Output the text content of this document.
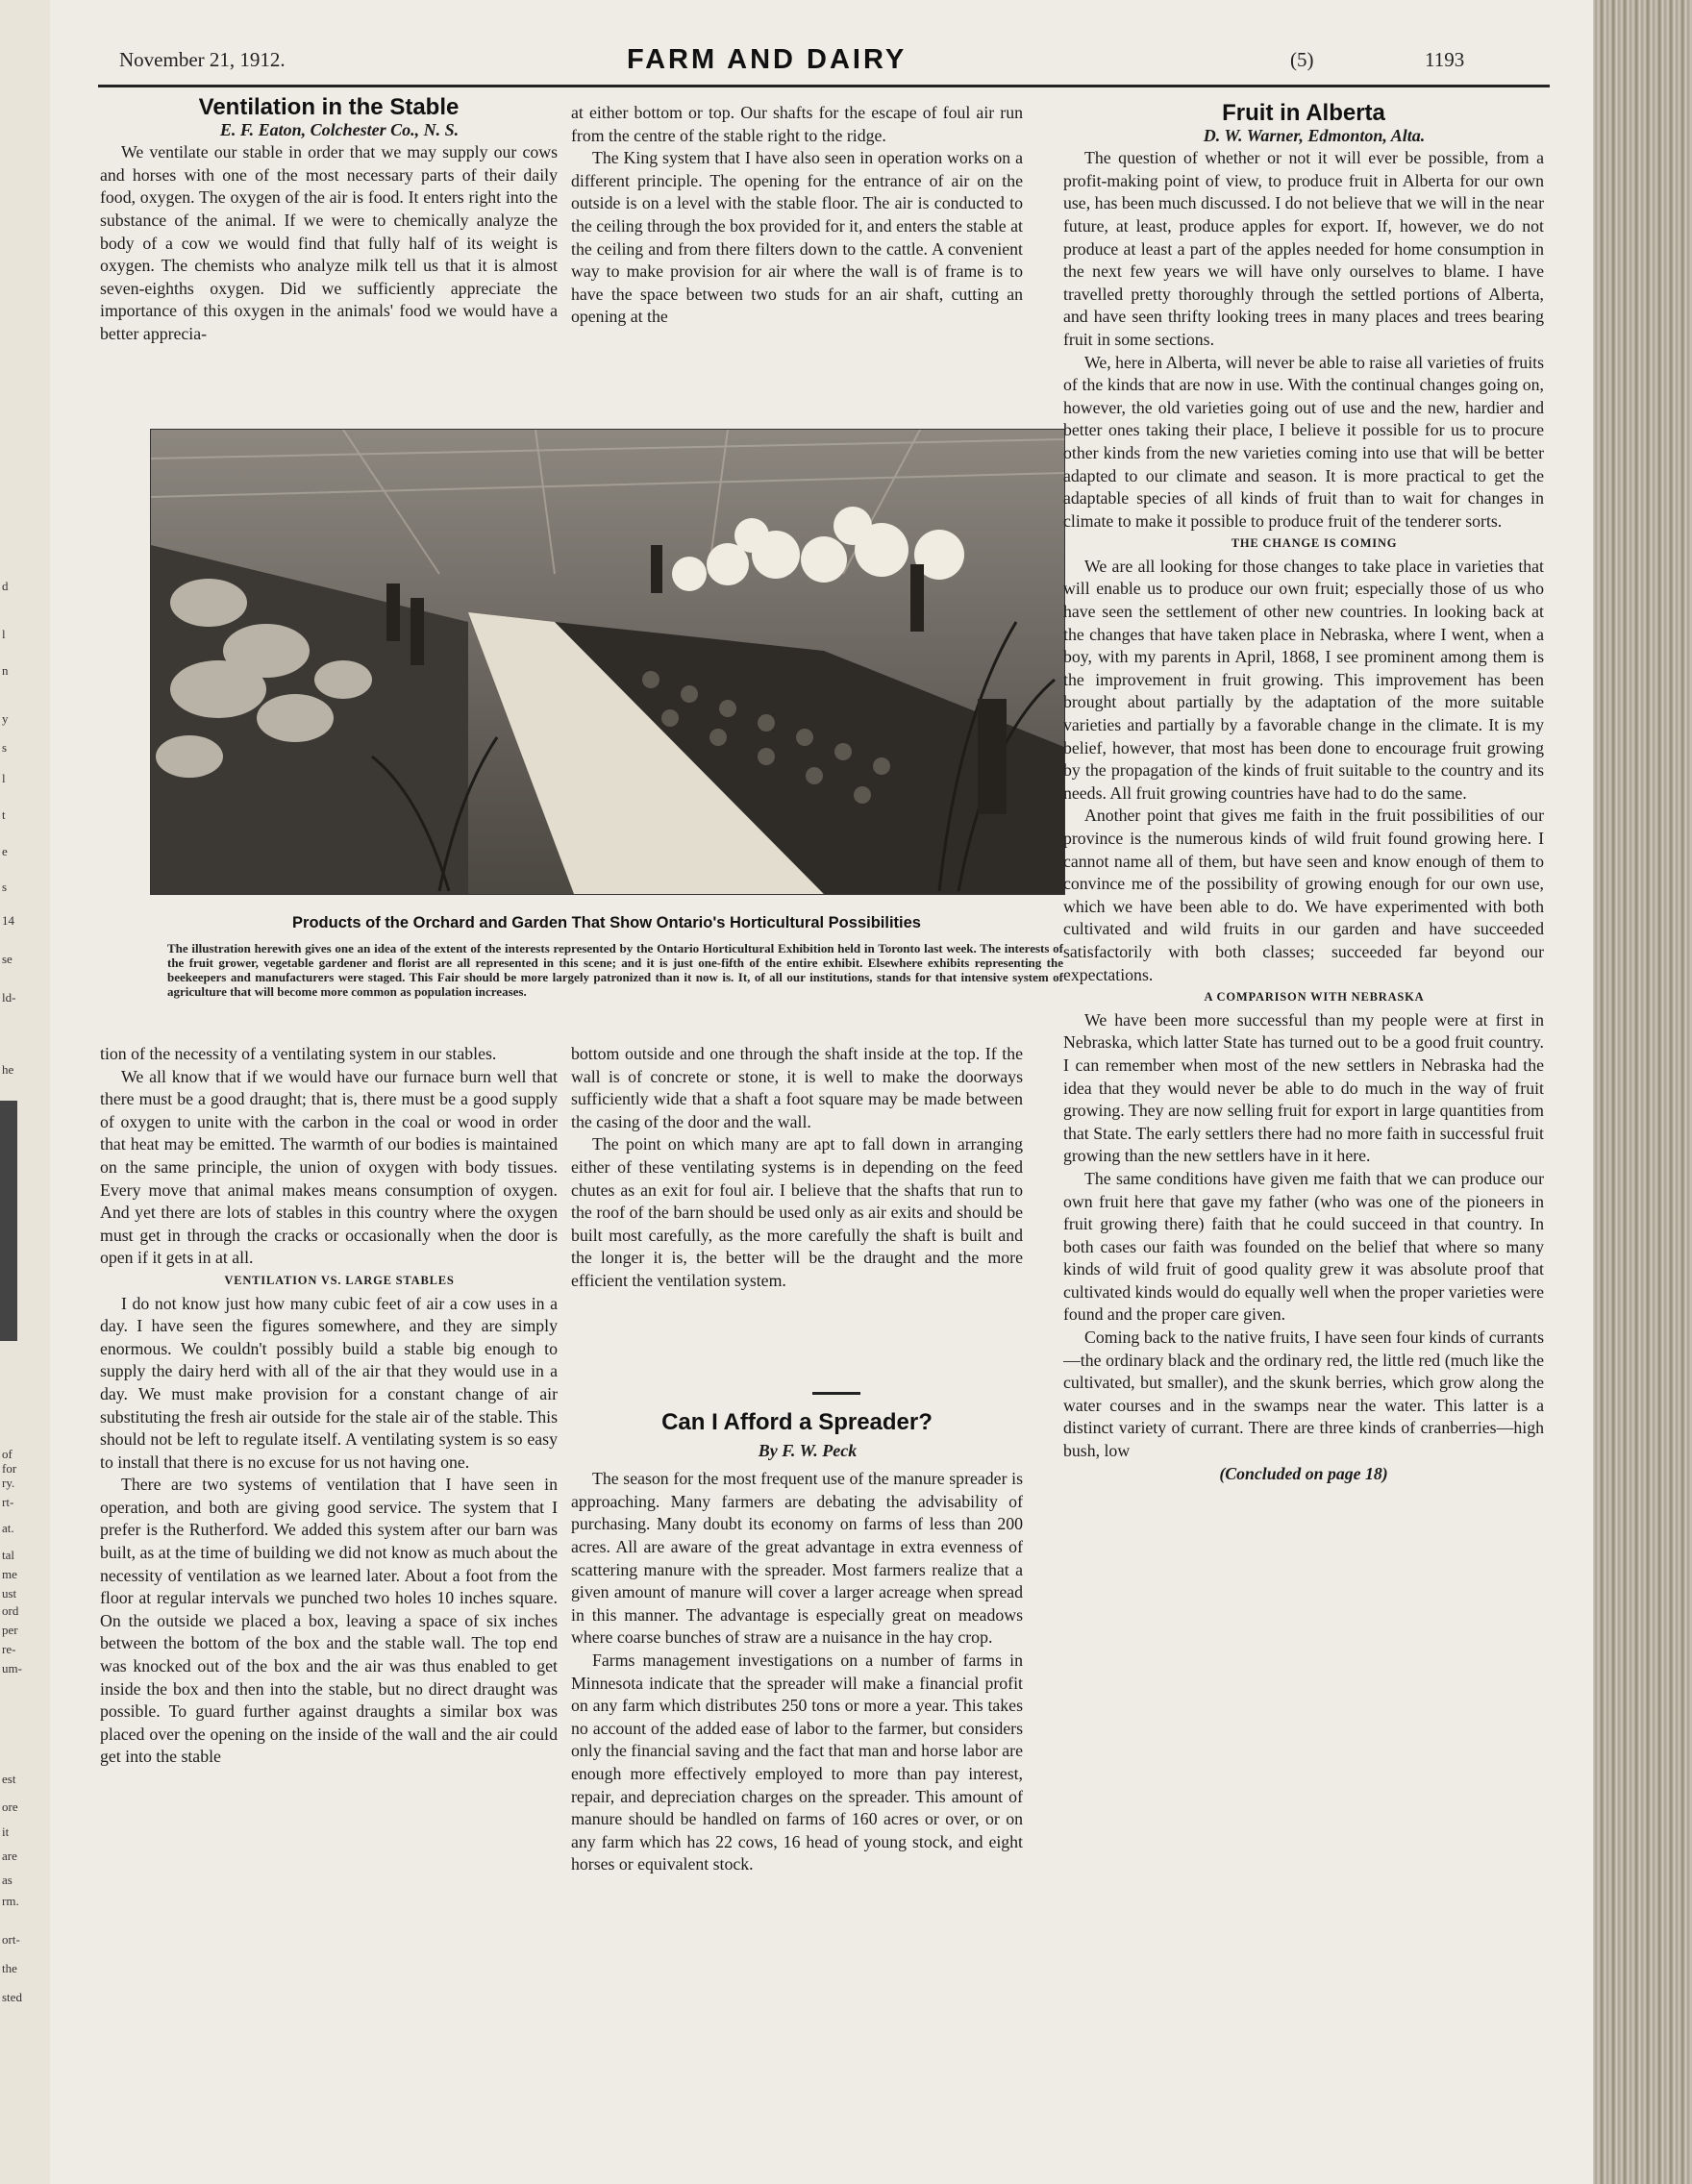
d
l
n
y
s
l
t
e
s
14
se
ld-
he
of
for
ry.
rt-
at.
tal
me
ust
ord
per
re-
um-
est
ore
it
are
as
rm.
ort-
the
sted
November 21, 1912.	FARM AND DAIRY	(5)	1193
Ventilation in the Stable

E. F. Eaton, Colchester Co., N. S.

We ventilate our stable in order that we may supply our cows and horses with one of the most necessary parts of their daily food, oxygen. The oxygen of the air is food. It enters right into the substance of the animal. If we were to chemically analyze the body of a cow we would find that fully half of its weight is oxygen. The chemists who analyze milk tell us that it is almost seven-eighths oxygen. Did we sufficiently appreciate the importance of this oxygen in the animals' food we would have a better apprecia-

at either bottom or top. Our shafts for the escape of foul air run from the centre of the stable right to the ridge.

The King system that I have also seen in operation works on a different principle. The opening for the entrance of air on the outside is on a level with the stable floor. The air is conducted to the ceiling through the box provided for it, and enters the stable at the ceiling and from there filters down to the cattle. A convenient way to make provision for air where the wall is of frame is to have the space between two studs for an air shaft, cutting an opening at the

Products of the Orchard and Garden That Show Ontario's Horticultural Possibilities
The illustration herewith gives one an idea of the extent of the interests represented by the Ontario Horticultural Exhibition held in Toronto last week. The interests of the fruit grower, vegetable gardener and florist are all represented in this scene; and it is just one-fifth of the entire exhibit. Elsewhere exhibits representing the beekeepers and manufacturers were staged. This Fair should be more largely patronized than it now is. It, of all our institutions, stands for that intensive system of agriculture that will become more common as population increases.

tion of the necessity of a ventilating system in our stables.

We all know that if we would have our furnace burn well that there must be a good draught; that is, there must be a good supply of oxygen to unite with the carbon in the coal or wood in order that heat may be emitted. The warmth of our bodies is maintained on the same principle, the union of oxygen with body tissues. Every move that animal makes means consumption of oxygen. And yet there are lots of stables in this country where the oxygen must get in through the cracks or occasionally when the door is open if it gets in at all.

VENTILATION VS. LARGE STABLES

I do not know just how many cubic feet of air a cow uses in a day. I have seen the figures somewhere, and they are simply enormous. We couldn't possibly build a stable big enough to supply the dairy herd with all of the air that they would use in a day. We must make provision for a constant change of air substituting the fresh air outside for the stale air of the stable. This should not be left to regulate itself. A ventilating system is so easy to install that there is no excuse for us not having one.

There are two systems of ventilation that I have seen in operation, and both are giving good service. The system that I prefer is the Rutherford. We added this system after our barn was built, as at the time of building we did not know as much about the necessity of ventilation as we learned later. About a foot from the floor at regular intervals we punched two holes 10 inches square. On the outside we placed a box, leaving a space of six inches between the bottom of the box and the stable wall. The top end was knocked out of the box and the air was thus enabled to get inside the box and then into the stable, but no direct draught was possible. To guard further against draughts a similar box was placed over the opening on the inside of the wall and the air could get into the stable

bottom outside and one through the shaft inside at the top. If the wall is of concrete or stone, it is well to make the doorways sufficiently wide that a shaft a foot square may be made between the casing of the door and the wall.

The point on which many are apt to fall down in arranging either of these ventilating systems is in depending on the feed chutes as an exit for foul air. I believe that the shafts that run to the roof of the barn should be used only as air exits and should be built most carefully, as the more carefully the shaft is built and the longer it is, the better will be the draught and the more efficient the ventilation system.

Can I Afford a Spreader?

By F. W. Peck

The season for the most frequent use of the manure spreader is approaching. Many farmers are debating the advisability of purchasing. Many doubt its economy on farms of less than 200 acres. All are aware of the great advantage in extra evenness of scattering manure with the spreader. Most farmers realize that a given amount of manure will cover a larger acreage when spread in this manner. The advantage is especially great on meadows where coarse bunches of straw are a nuisance in the hay crop.

Farms management investigations on a number of farms in Minnesota indicate that the spreader will make a financial profit on any farm which distributes 250 tons or more a year. This takes no account of the added ease of labor to the farmer, but considers only the financial saving and the fact that man and horse labor are enough more effectively employed to more than pay interest, repair, and depreciation charges on the spreader. This amount of manure should be handled on farms of 160 acres or over, or on any farm which has 22 cows, 16 head of young stock, and eight horses or equivalent stock.

Fruit in Alberta

D. W. Warner, Edmonton, Alta.

The question of whether or not it will ever be possible, from a profit-making point of view, to produce fruit in Alberta for our own use, has been much discussed. I do not believe that we will in the near future, at least, produce apples for export. If, however, we do not produce at least a part of the apples needed for home consumption in the next few years we will have only ourselves to blame. I have travelled pretty thoroughly through the settled portions of Alberta, and have seen thrifty looking trees in many places and trees bearing fruit in some sections.

We, here in Alberta, will never be able to raise all varieties of fruits of the kinds that are now in use. With the continual changes going on, however, the old varieties going out of use and the new, hardier and better ones taking their place, I believe it possible for us to procure other kinds from the new varieties coming into use that will be better adapted to our climate and season. It is more practical to get the adaptable species of all kinds of fruit than to wait for changes in climate to make it possible to produce fruit of the tenderer sorts.

THE CHANGE IS COMING

We are all looking for those changes to take place in varieties that will enable us to produce our own fruit; especially those of us who have seen the settlement of other new countries. In looking back at the changes that have taken place in Nebraska, where I went, when a boy, with my parents in April, 1868, I see prominent among them is the improvement in fruit growing. This improvement has been brought about partially by the adaptation of the more suitable varieties and partially by a favorable change in the climate. It is my belief, however, that most has been done to encourage fruit growing by the propagation of the kinds of fruit suitable to the country and its needs. All fruit growing countries have had to do the same.

Another point that gives me faith in the fruit possibilities of our province is the numerous kinds of wild fruit found growing here. I cannot name all of them, but have seen and know enough of them to convince me of the possibility of growing enough for our own use, which we have been able to do. We have experimented with both cultivated and wild fruits in our garden and have succeeded satisfactorily with both classes; succeeded far beyond our expectations.

A COMPARISON WITH NEBRASKA

We have been more successful than my people were at first in Nebraska, which latter State has turned out to be a good fruit country. I can remember when most of the new settlers in Nebraska had the idea that they would never be able to do much in the way of fruit growing. They are now selling fruit for export in large quantities from that State. The early settlers there had no more faith in successful fruit growing than the new settlers have in it here.

The same conditions have given me faith that we can produce our own fruit here that gave my father (who was one of the pioneers in fruit growing there) faith that he could succeed in that country. In both cases our faith was founded on the belief that where so many kinds of wild fruit of good quality grew it was absolute proof that cultivated kinds would do equally well when the proper varieties were found and the proper care given.

Coming back to the native fruits, I have seen four kinds of currants—the ordinary black and the ordinary red, the little red (much like the cultivated, but smaller), and the skunk berries, which grow along the water courses and in the swamps near the water. This latter is a distinct variety of currant. There are three kinds of cranberries—high bush, low

(Concluded on page 18)
